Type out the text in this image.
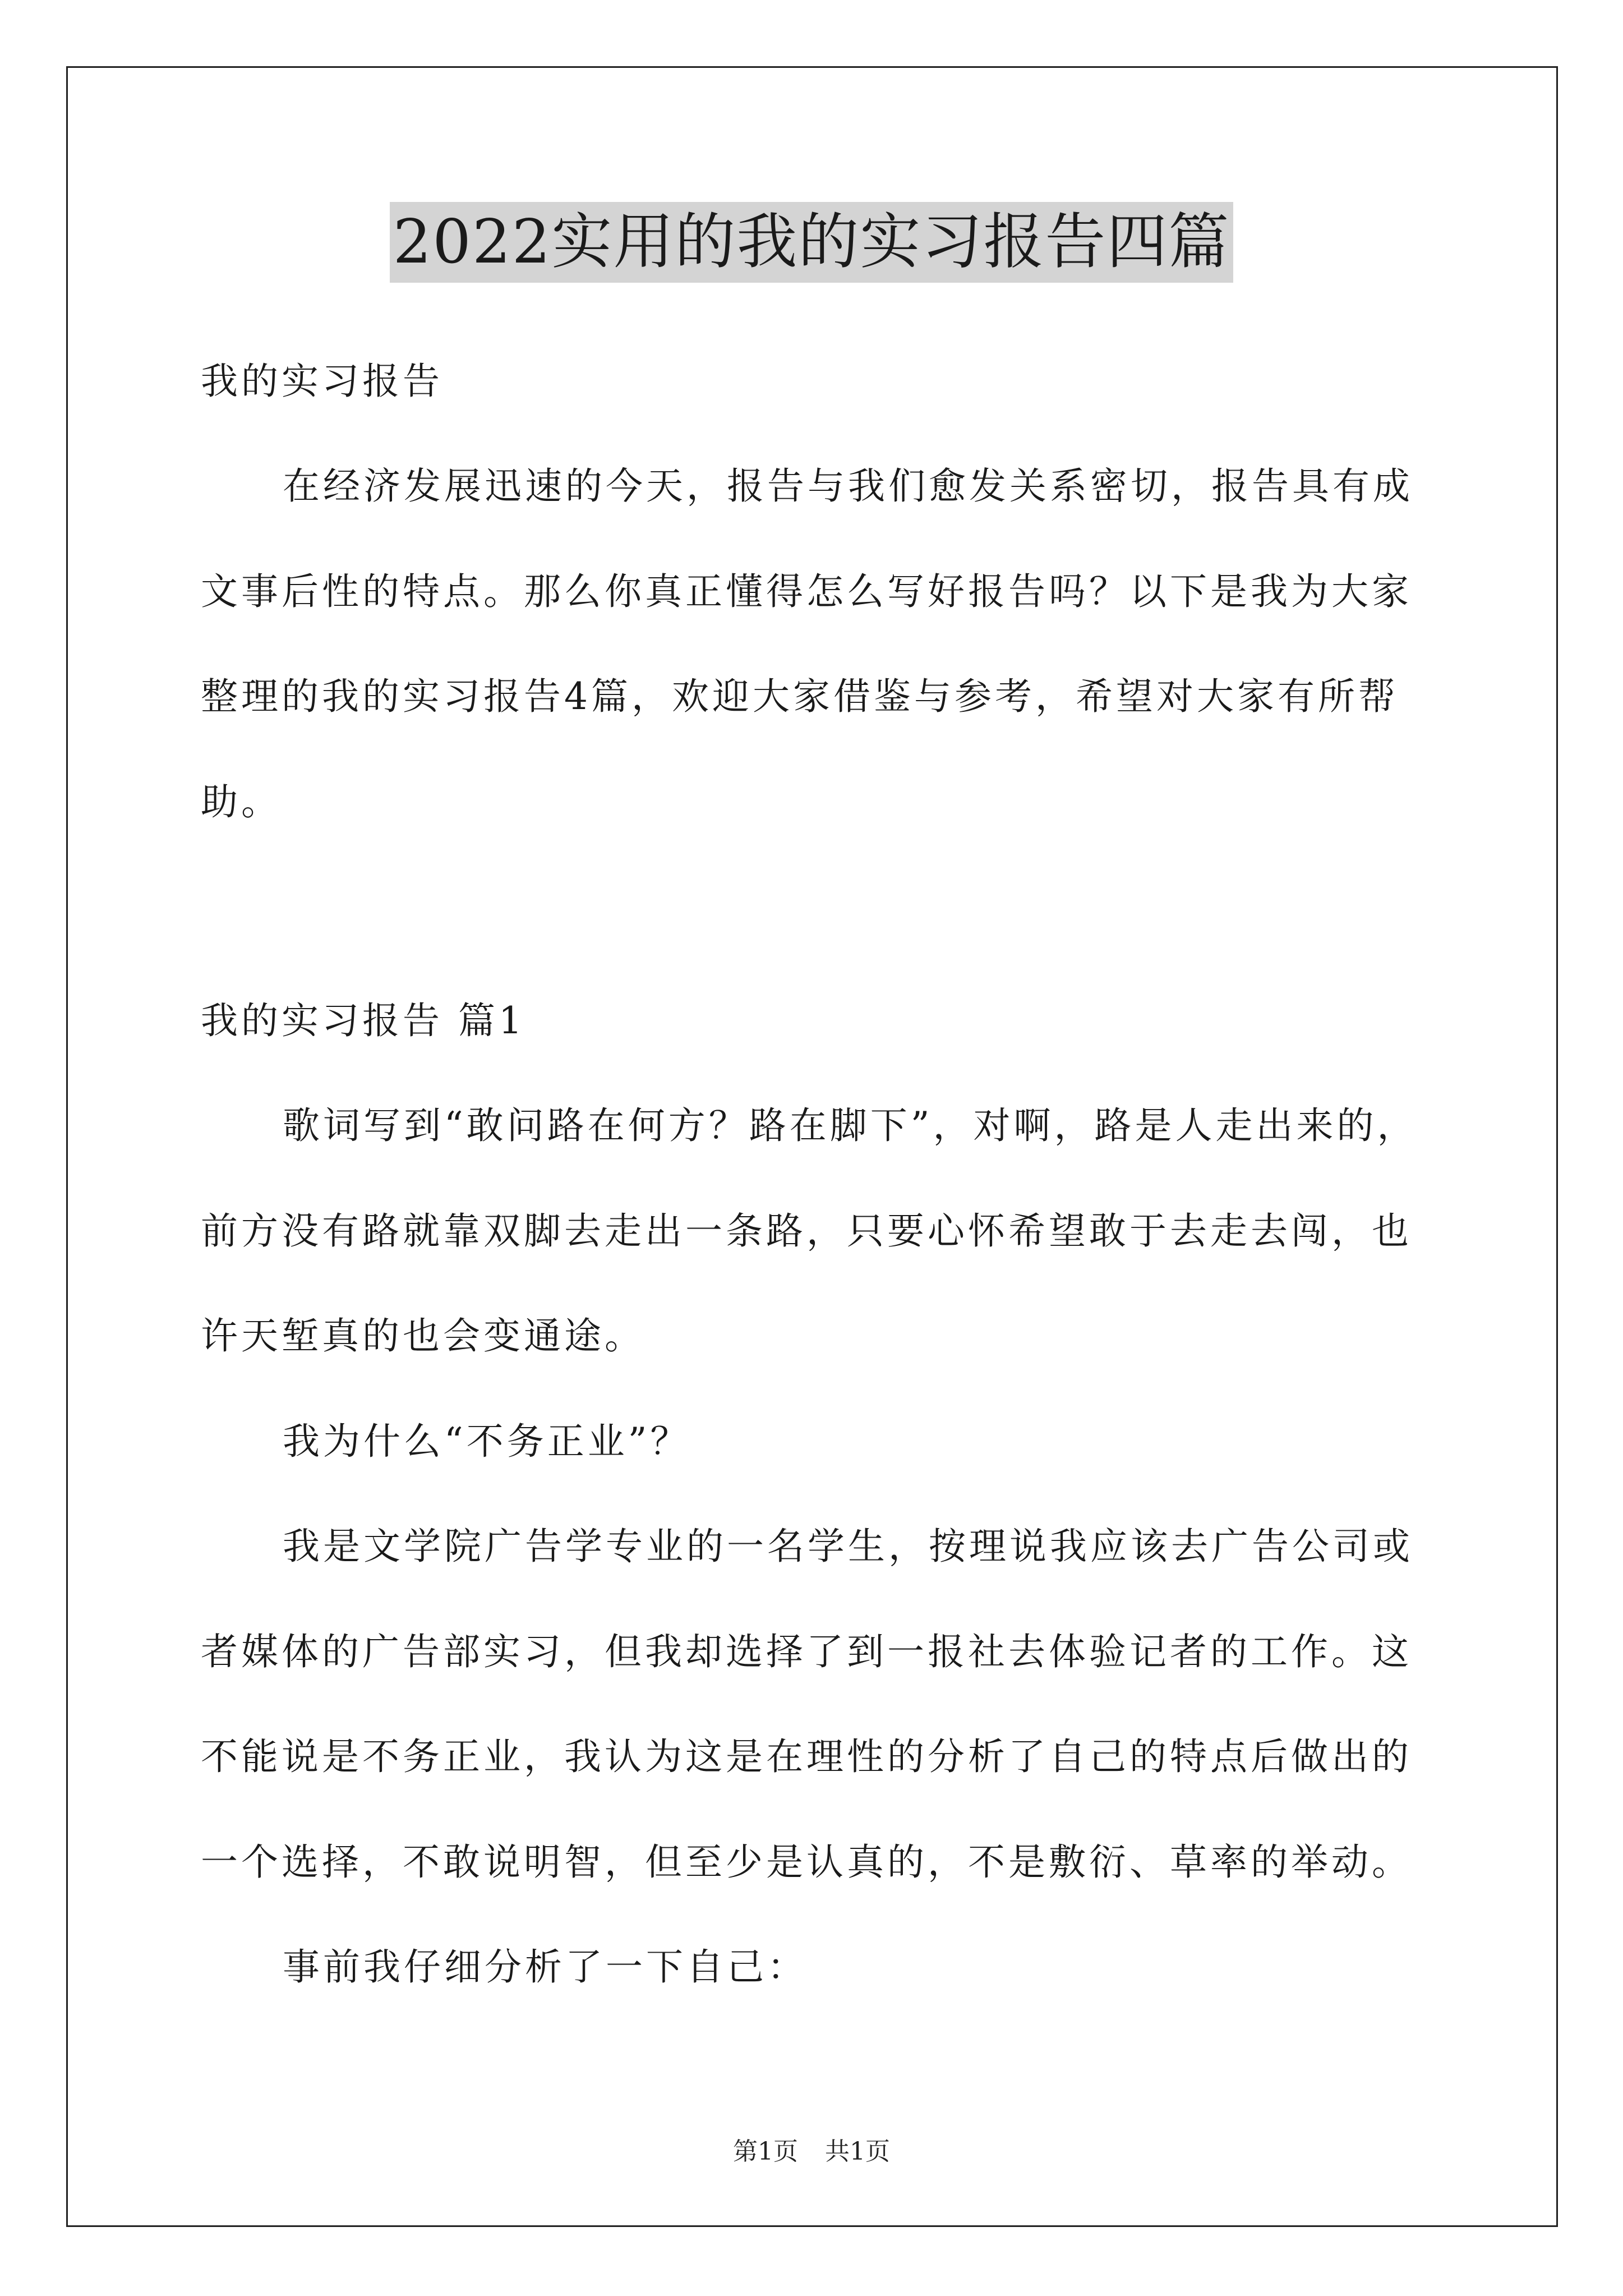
2022实用的我的实习报告四篇
我的实习报告
在经济发展迅速的今天，报告与我们愈发关系密切，报告具有成
文事后性的特点。那么你真正懂得怎么写好报告吗？以下是我为大家
整理的我的实习报告4篇，欢迎大家借鉴与参考，希望对大家有所帮
助。
我的实习报告 篇1
歌词写到“敢问路在何方？路在脚下”，对啊，路是人走出来的，
前方没有路就靠双脚去走出一条路，只要心怀希望敢于去走去闯，也
许天堑真的也会变通途。
我为什么“不务正业”？
我是文学院广告学专业的一名学生，按理说我应该去广告公司或
者媒体的广告部实习，但我却选择了到一报社去体验记者的工作。这
不能说是不务正业，我认为这是在理性的分析了自己的特点后做出的
一个选择，不敢说明智，但至少是认真的，不是敷衍、草率的举动。
事前我仔细分析了一下自己：
第1页 共1页
